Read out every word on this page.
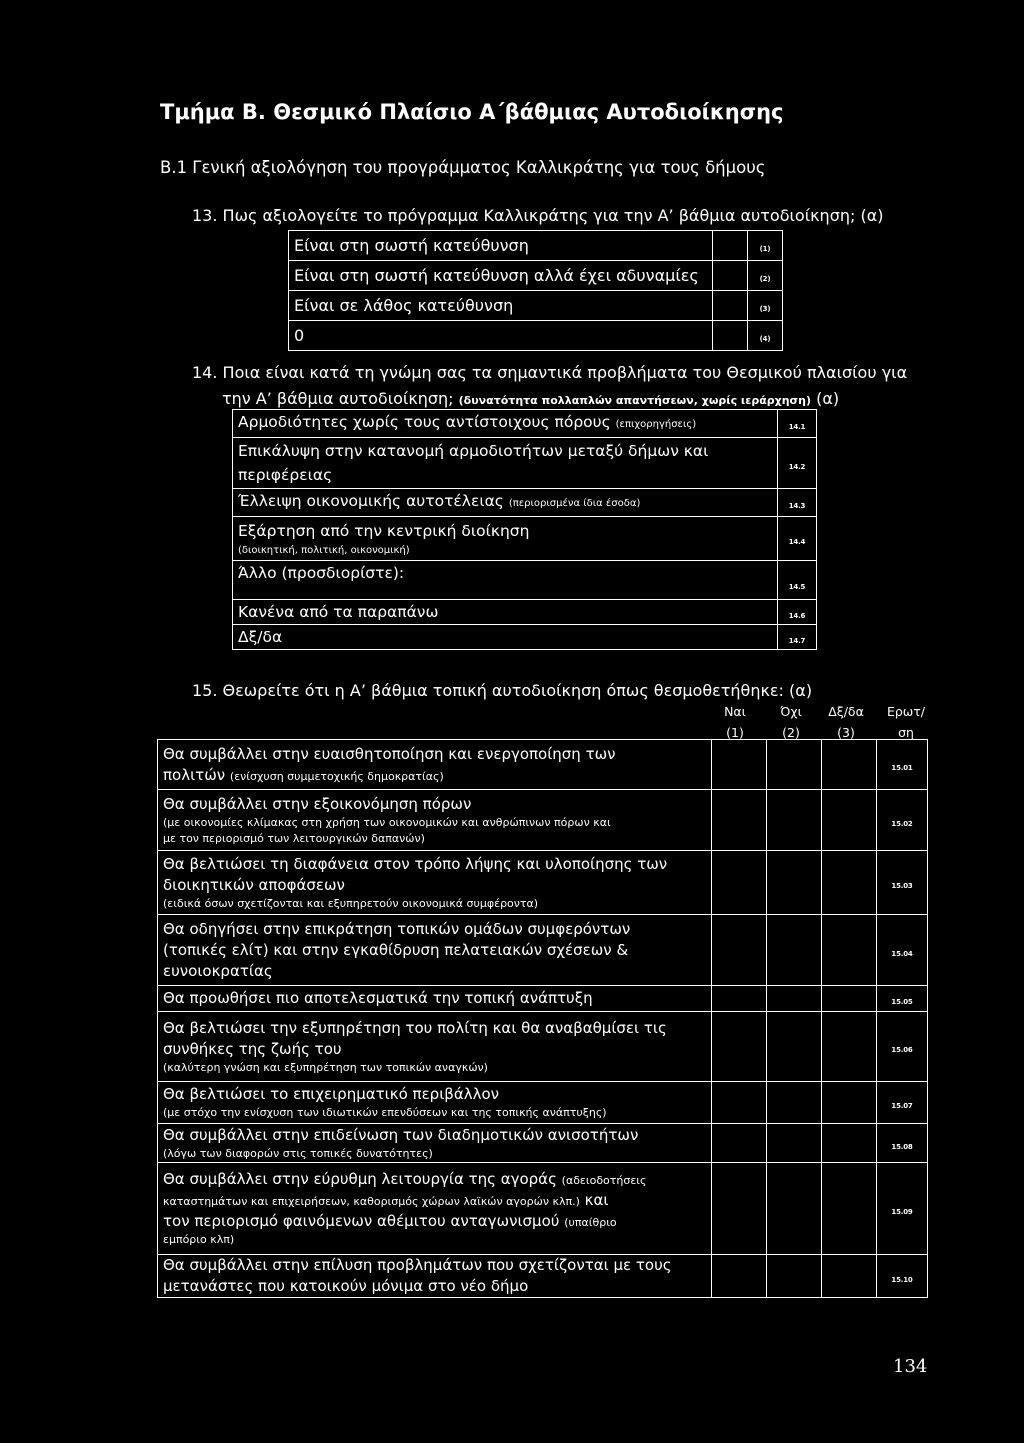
Τμήμα Β. Θεσμικό Πλαίσιο Α΄βάθμιας Αυτοδιοίκησης
Β.1 Γενική αξιολόγηση του προγράμματος Καλλικράτης για τους δήμους
13. Πως αξιολογείτε το πρόγραμμα Καλλικράτης για την Α’ βάθμια αυτοδιοίκηση; (α)
Είναι στη σωστή κατεύθυνση		(1)
Είναι στη σωστή κατεύθυνση αλλά έχει αδυναμίες		(2)
Είναι σε λάθος κατεύθυνση		(3)
0		(4)
14. Ποια είναι κατά τη γνώμη σας τα σημαντικά προβλήματα του Θεσμικού πλαισίου για
την Α’ βάθμια αυτοδιοίκηση; (δυνατότητα πολλαπλών απαντήσεων, χωρίς ιεράρχηση) (α)
Αρμοδιότητες χωρίς τους αντίστοιχους πόρους (επιχορηγήσεις)	14.1

Επικάλυψη στην κατανομή αρμοδιοτήτων μεταξύ δήμων και
περιφέρειας	14.2
Έλλειψη οικονομικής αυτοτέλειας (περιορισμένα ίδια έσοδα)	14.3

Εξάρτηση από την κεντρική διοίκηση
(διοικητική, πολιτική, οικονομική)	14.4
Άλλο (προσδιορίστε):	14.5
Κανένα από τα παραπάνω	14.6
Δξ/δα	14.7
15. Θεωρείτε ότι η Α’ βάθμια τοπική αυτοδιοίκηση όπως θεσμοθετήθηκε: (α)
Ναι
(1)
Όχι
(2)
Δξ/δα
(3)
Ερωτ/
ση
Θα συμβάλλει στην ευαισθητοποίηση και ενεργοποίηση των
πολιτών (ενίσχυση συμμετοχικής δημοκρατίας)				15.01

Θα συμβάλλει στην εξοικονόμηση πόρων
(με οικονομίες κλίμακας στη χρήση των οικονομικών και ανθρώπινων πόρων και
με τον περιορισμό των λειτουργικών δαπανών)				15.02

Θα βελτιώσει τη διαφάνεια στον τρόπο λήψης και υλοποίησης των
διοικητικών αποφάσεων
(ειδικά όσων σχετίζονται και εξυπηρετούν οικονομικά συμφέροντα)				15.03

Θα οδηγήσει στην επικράτηση τοπικών ομάδων συμφερόντων
(τοπικές ελίτ) και στην εγκαθίδρυση πελατειακών σχέσεων &
ευνοιοκρατίας				15.04

Θα προωθήσει πιο αποτελεσματικά την τοπική ανάπτυξη				15.05

Θα βελτιώσει την εξυπηρέτηση του πολίτη και θα αναβαθμίσει τις
συνθήκες της ζωής του
(καλύτερη γνώση και εξυπηρέτηση των τοπικών αναγκών)				15.06

Θα βελτιώσει το επιχειρηματικό περιβάλλον
(με στόχο την ενίσχυση των ιδιωτικών επενδύσεων και της τοπικής ανάπτυξης)				15.07

Θα συμβάλλει στην επιδείνωση των διαδημοτικών ανισοτήτων
(λόγω των διαφορών στις τοπικές δυνατότητες)				15.08

Θα συμβάλλει στην εύρυθμη λειτουργία της αγοράς (αδειοδοτήσεις
καταστημάτων και επιχειρήσεων, καθορισμός χώρων λαϊκών αγορών κλπ.) και
τον περιορισμό φαινόμενων αθέμιτου ανταγωνισμού (υπαίθριο
εμπόριο κλπ)				15.09

Θα συμβάλλει στην επίλυση προβλημάτων που σχετίζονται με τους
μετανάστες που κατοικούν μόνιμα στο νέο δήμο				15.10
134
